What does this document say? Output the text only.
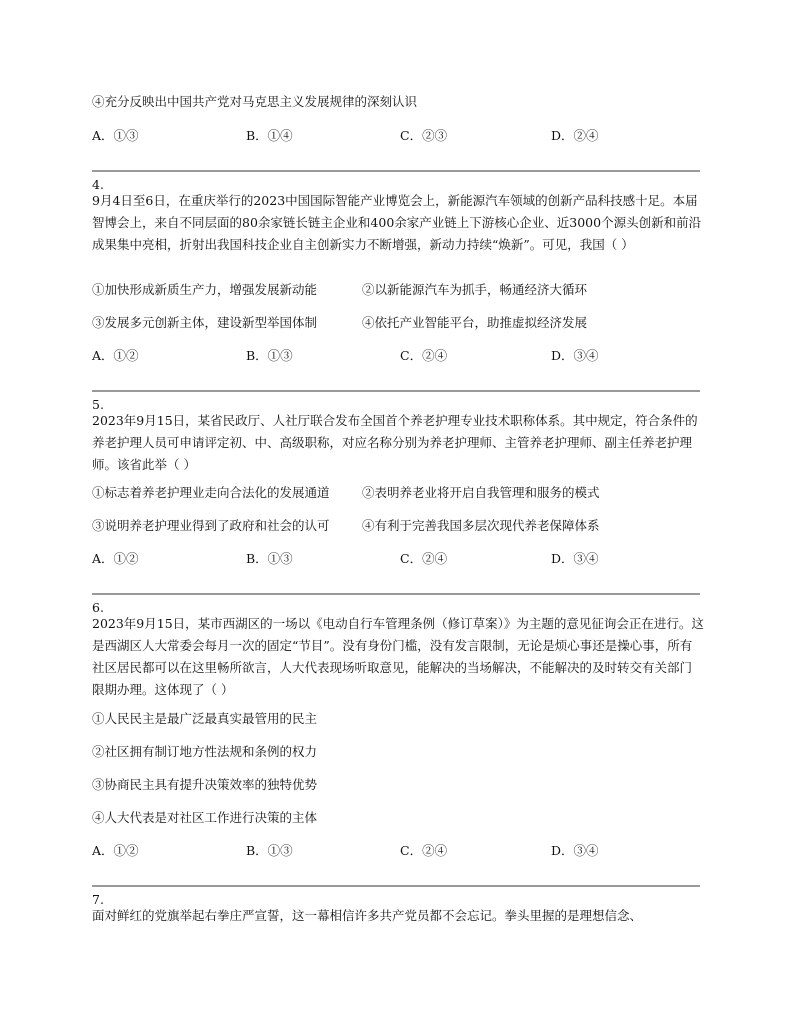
④充分反映出中国共产党对马克思主义发展规律的深刻认识
A．①③	B．①④	C．②③	D．②④
4.
9月4日至6日，在重庆举行的2023中国国际智能产业博览会上，新能源汽车领域的创新产品科技感十足。本届智博会上，来自不同层面的80余家链长链主企业和400余家产业链上下游核心企业、近3000个源头创新和前沿成果集中亮相，折射出我国科技企业自主创新实力不断增强，新动力持续“焕新”。可见，我国（ ）
①加快形成新质生产力，增强发展新动能	②以新能源汽车为抓手，畅通经济大循环
③发展多元创新主体，建设新型举国体制	④依托产业智能平台，助推虚拟经济发展
A．①②	B．①③	C．②④	D．③④
5.
2023年9月15日，某省民政厅、人社厅联合发布全国首个养老护理专业技术职称体系。其中规定，符合条件的养老护理人员可申请评定初、中、高级职称，对应名称分别为养老护理师、主管养老护理师、副主任养老护理师。该省此举（ ）
①标志着养老护理业走向合法化的发展通道	②表明养老业将开启自我管理和服务的模式
③说明养老护理业得到了政府和社会的认可	④有利于完善我国多层次现代养老保障体系
A．①②	B．①③	C．②④	D．③④
6.
2023年9月15日，某市西湖区的一场以《电动自行车管理条例（修订草案）》为主题的意见征询会正在进行。这是西湖区人大常委会每月一次的固定“节目”。没有身份门槛，没有发言限制，无论是烦心事还是操心事，所有社区居民都可以在这里畅所欲言，人大代表现场听取意见，能解决的当场解决，不能解决的及时转交有关部门限期办理。这体现了（ ）
①人民民主是最广泛最真实最管用的民主
②社区拥有制订地方性法规和条例的权力
③协商民主具有提升决策效率的独特优势
④人大代表是对社区工作进行决策的主体
A．①②	B．①③	C．②④	D．③④
7.
面对鲜红的党旗举起右拳庄严宣誓，这一幕相信许多共产党员都不会忘记。拳头里握的是理想信念、
